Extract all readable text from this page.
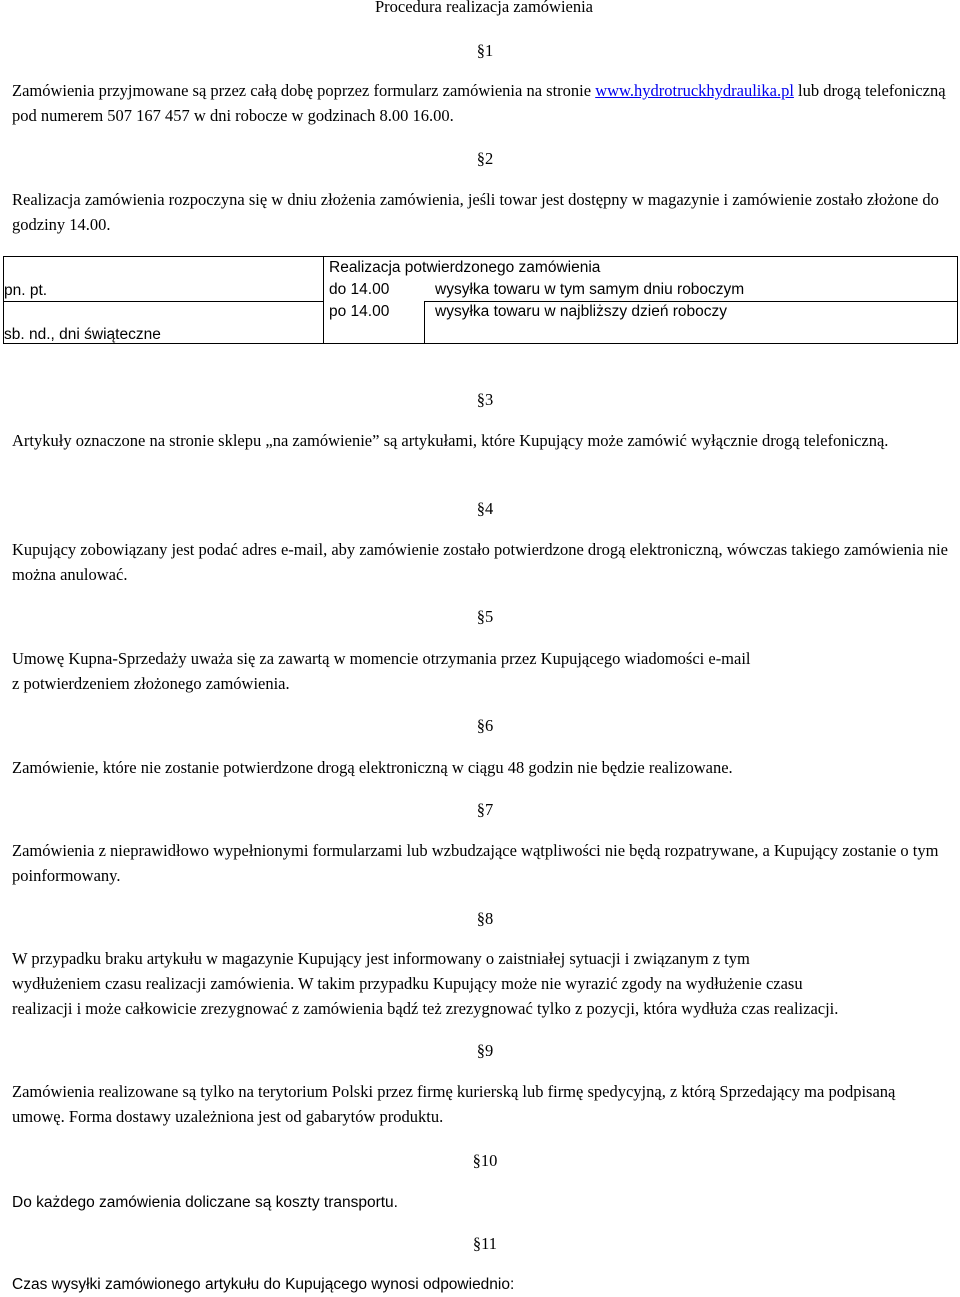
Procedura realizacja zamówienia
§1
Zamówienia przyjmowane są przez całą dobę poprzez formularz zamówienia na stronie www.hydrotruckhydraulika.pl lub drogą telefoniczną pod numerem 507 167 457 w dni robocze w godzinach 8.00 16.00.
§2
Realizacja zamówienia rozpoczyna się w dniu złożenia zamówienia, jeśli towar jest dostępny w magazynie i zamówienie zostało złożone do godziny 14.00.
Realizacja potwierdzonego zamówienia
pn. pt.
sb. nd., dni świąteczne
do 14.00	wysyłka towaru w tym samym dniu roboczym
po 14.00	wysyłka towaru w najbliższy dzień roboczy
§3
Artykuły oznaczone na stronie sklepu „na zamówienie” są artykułami, które Kupujący może zamówić wyłącznie drogą telefoniczną.
§4
Kupujący zobowiązany jest podać adres e-mail, aby zamówienie zostało potwierdzone drogą elektroniczną, wówczas takiego zamówienia nie można anulować.
§5
Umowę Kupna-Sprzedaży uważa się za zawartą w momencie otrzymania przez Kupującego wiadomości e-mail
z potwierdzeniem złożonego zamówienia.
§6
Zamówienie, które nie zostanie potwierdzone drogą elektroniczną w ciągu 48 godzin nie będzie realizowane.
§7
Zamówienia z nieprawidłowo wypełnionymi formularzami lub wzbudzające wątpliwości nie będą rozpatrywane, a Kupujący zostanie o tym poinformowany.
§8
W przypadku braku artykułu w magazynie Kupujący jest informowany o zaistniałej sytuacji i związanym z tym
wydłużeniem czasu realizacji zamówienia. W takim przypadku Kupujący może nie wyrazić zgody na wydłużenie czasu
realizacji i może całkowicie zrezygnować z zamówienia bądź też zrezygnować tylko z pozycji, która wydłuża czas realizacji.
§9
Zamówienia realizowane są tylko na terytorium Polski przez firmę kurierską lub firmę spedycyjną, z którą Sprzedający ma podpisaną umowę. Forma dostawy uzależniona jest od gabarytów produktu.
§10
Do każdego zamówienia doliczane są koszty transportu.
§11
Czas wysyłki zamówionego artykułu do Kupującego wynosi odpowiednio:
